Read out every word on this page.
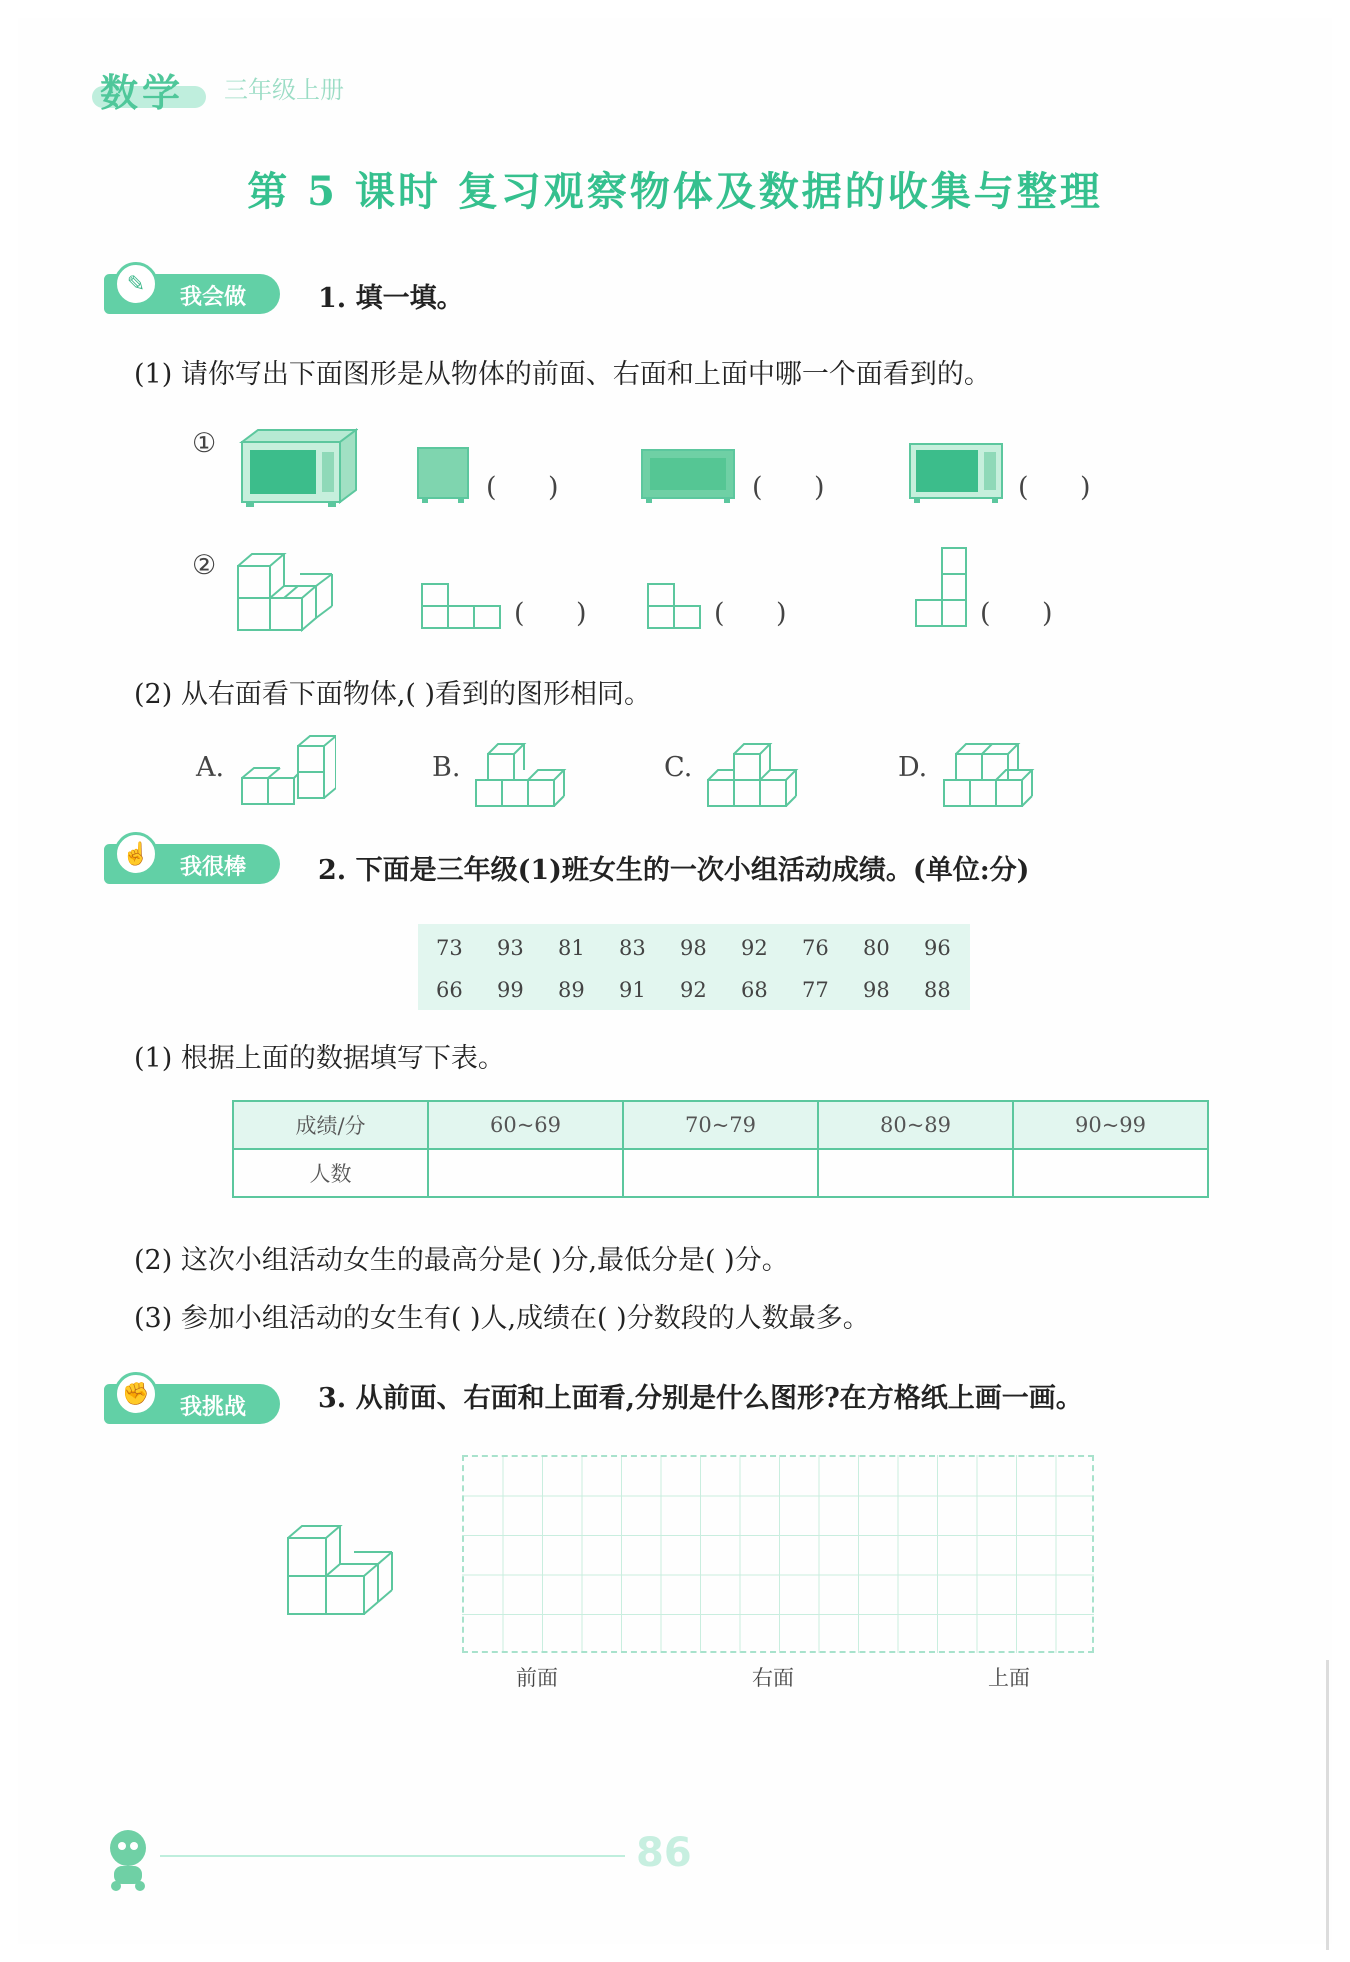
数学 三年级上册
第 5 课时 复习观察物体及数据的收集与整理
✎
我会做	1. 填一填。
(1) 请你写出下面图形是从物体的前面、右面和上面中哪一个面看到的。
①
(      )	(      )	(      )
②
(      )	(      )	(      )
(2) 从右面看下面物体,( )看到的图形相同。
A.	B.	C.	D.
☝
我很棒	2. 下面是三年级(1)班女生的一次小组活动成绩。(单位:分)
73	93	81	83	98	92	76	80	96
66	99	89	91	92	68	77	98	88
(1) 根据上面的数据填写下表。
成绩/分	60~69	70~79	80~89	90~99
人数				
(2) 这次小组活动女生的最高分是( )分,最低分是( )分。
(3) 参加小组活动的女生有( )人,成绩在( )分数段的人数最多。
✊
我挑战	3. 从前面、右面和上面看,分别是什么图形?在方格纸上画一画。
前面	右面	上面
86
